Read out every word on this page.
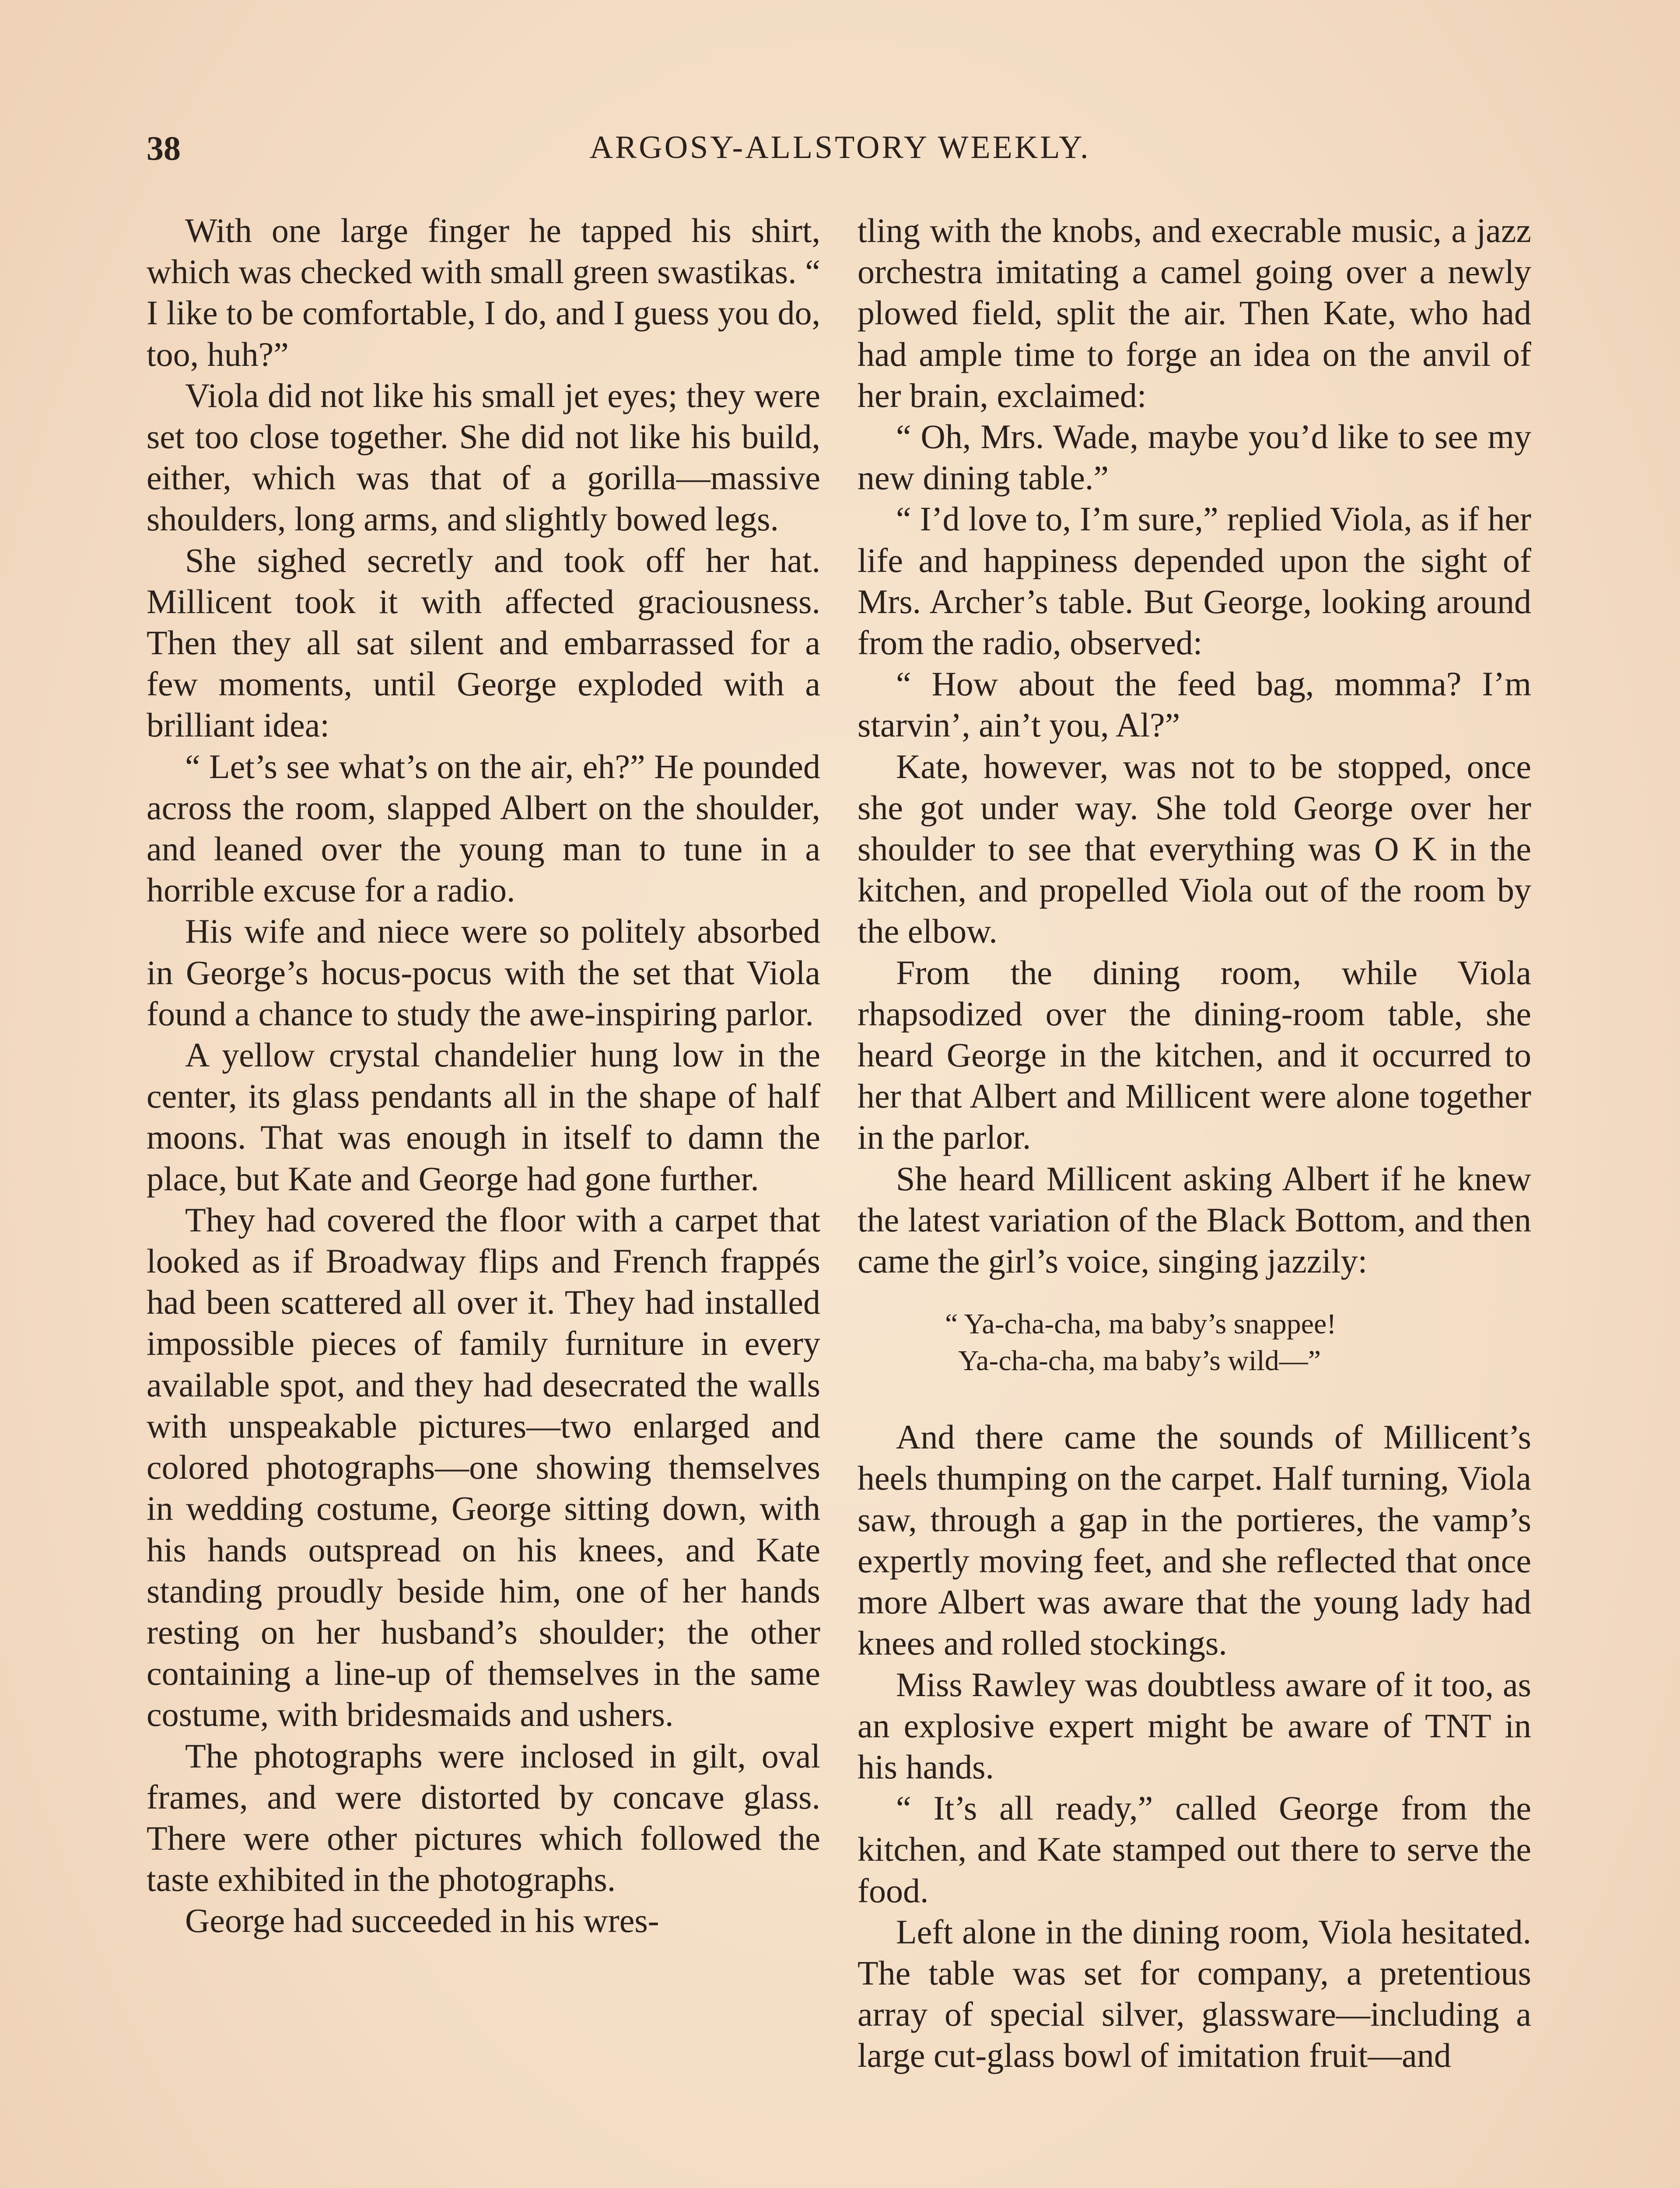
38	ARGOSY-ALLSTORY WEEKLY.

With one large finger he tapped his shirt, which was checked with small green swastikas. “ I like to be comfortable, I do, and I guess you do, too, huh?”

Viola did not like his small jet eyes; they were set too close together. She did not like his build, either, which was that of a gorilla—massive shoulders, long arms, and slightly bowed legs.

She sighed secretly and took off her hat. Millicent took it with affected graciousness. Then they all sat silent and embarrassed for a few moments, until George exploded with a brilliant idea:

“ Let’s see what’s on the air, eh?” He pounded across the room, slapped Albert on the shoulder, and leaned over the young man to tune in a horrible excuse for a radio.

His wife and niece were so politely absorbed in George’s hocus-pocus with the set that Viola found a chance to study the awe-inspiring parlor.

A yellow crystal chandelier hung low in the center, its glass pendants all in the shape of half moons. That was enough in itself to damn the place, but Kate and George had gone further.

They had covered the floor with a carpet that looked as if Broadway flips and French frappés had been scattered all over it. They had installed impossible pieces of family furniture in every available spot, and they had desecrated the walls with unspeakable pictures—two enlarged and colored photographs—one showing themselves in wedding costume, George sitting down, with his hands outspread on his knees, and Kate standing proudly beside him, one of her hands resting on her husband’s shoulder; the other containing a line-up of themselves in the same costume, with bridesmaids and ushers.

The photographs were inclosed in gilt, oval frames, and were distorted by concave glass. There were other pictures which followed the taste exhibited in the photographs.

George had succeeded in his wres-

tling with the knobs, and execrable music, a jazz orchestra imitating a camel going over a newly plowed field, split the air. Then Kate, who had had ample time to forge an idea on the anvil of her brain, exclaimed:

“ Oh, Mrs. Wade, maybe you’d like to see my new dining table.”

“ I’d love to, I’m sure,” replied Viola, as if her life and happiness depended upon the sight of Mrs. Archer’s table. But George, looking around from the radio, observed:

“ How about the feed bag, momma? I’m starvin’, ain’t you, Al?”

Kate, however, was not to be stopped, once she got under way. She told George over her shoulder to see that everything was O K in the kitchen, and propelled Viola out of the room by the elbow.

From the dining room, while Viola rhapsodized over the dining-room table, she heard George in the kitchen, and it occurred to her that Albert and Millicent were alone together in the parlor.

She heard Millicent asking Albert if he knew the latest variation of the Black Bottom, and then came the girl’s voice, singing jazzily:

“ Ya-cha-cha, ma baby’s snappee!
Ya-cha-cha, ma baby’s wild—”

And there came the sounds of Millicent’s heels thumping on the carpet. Half turning, Viola saw, through a gap in the portieres, the vamp’s expertly moving feet, and she reflected that once more Albert was aware that the young lady had knees and rolled stockings.

Miss Rawley was doubtless aware of it too, as an explosive expert might be aware of TNT in his hands.

“ It’s all ready,” called George from the kitchen, and Kate stamped out there to serve the food.

Left alone in the dining room, Viola hesitated. The table was set for company, a pretentious array of special silver, glassware—including a large cut-glass bowl of imitation fruit—and
